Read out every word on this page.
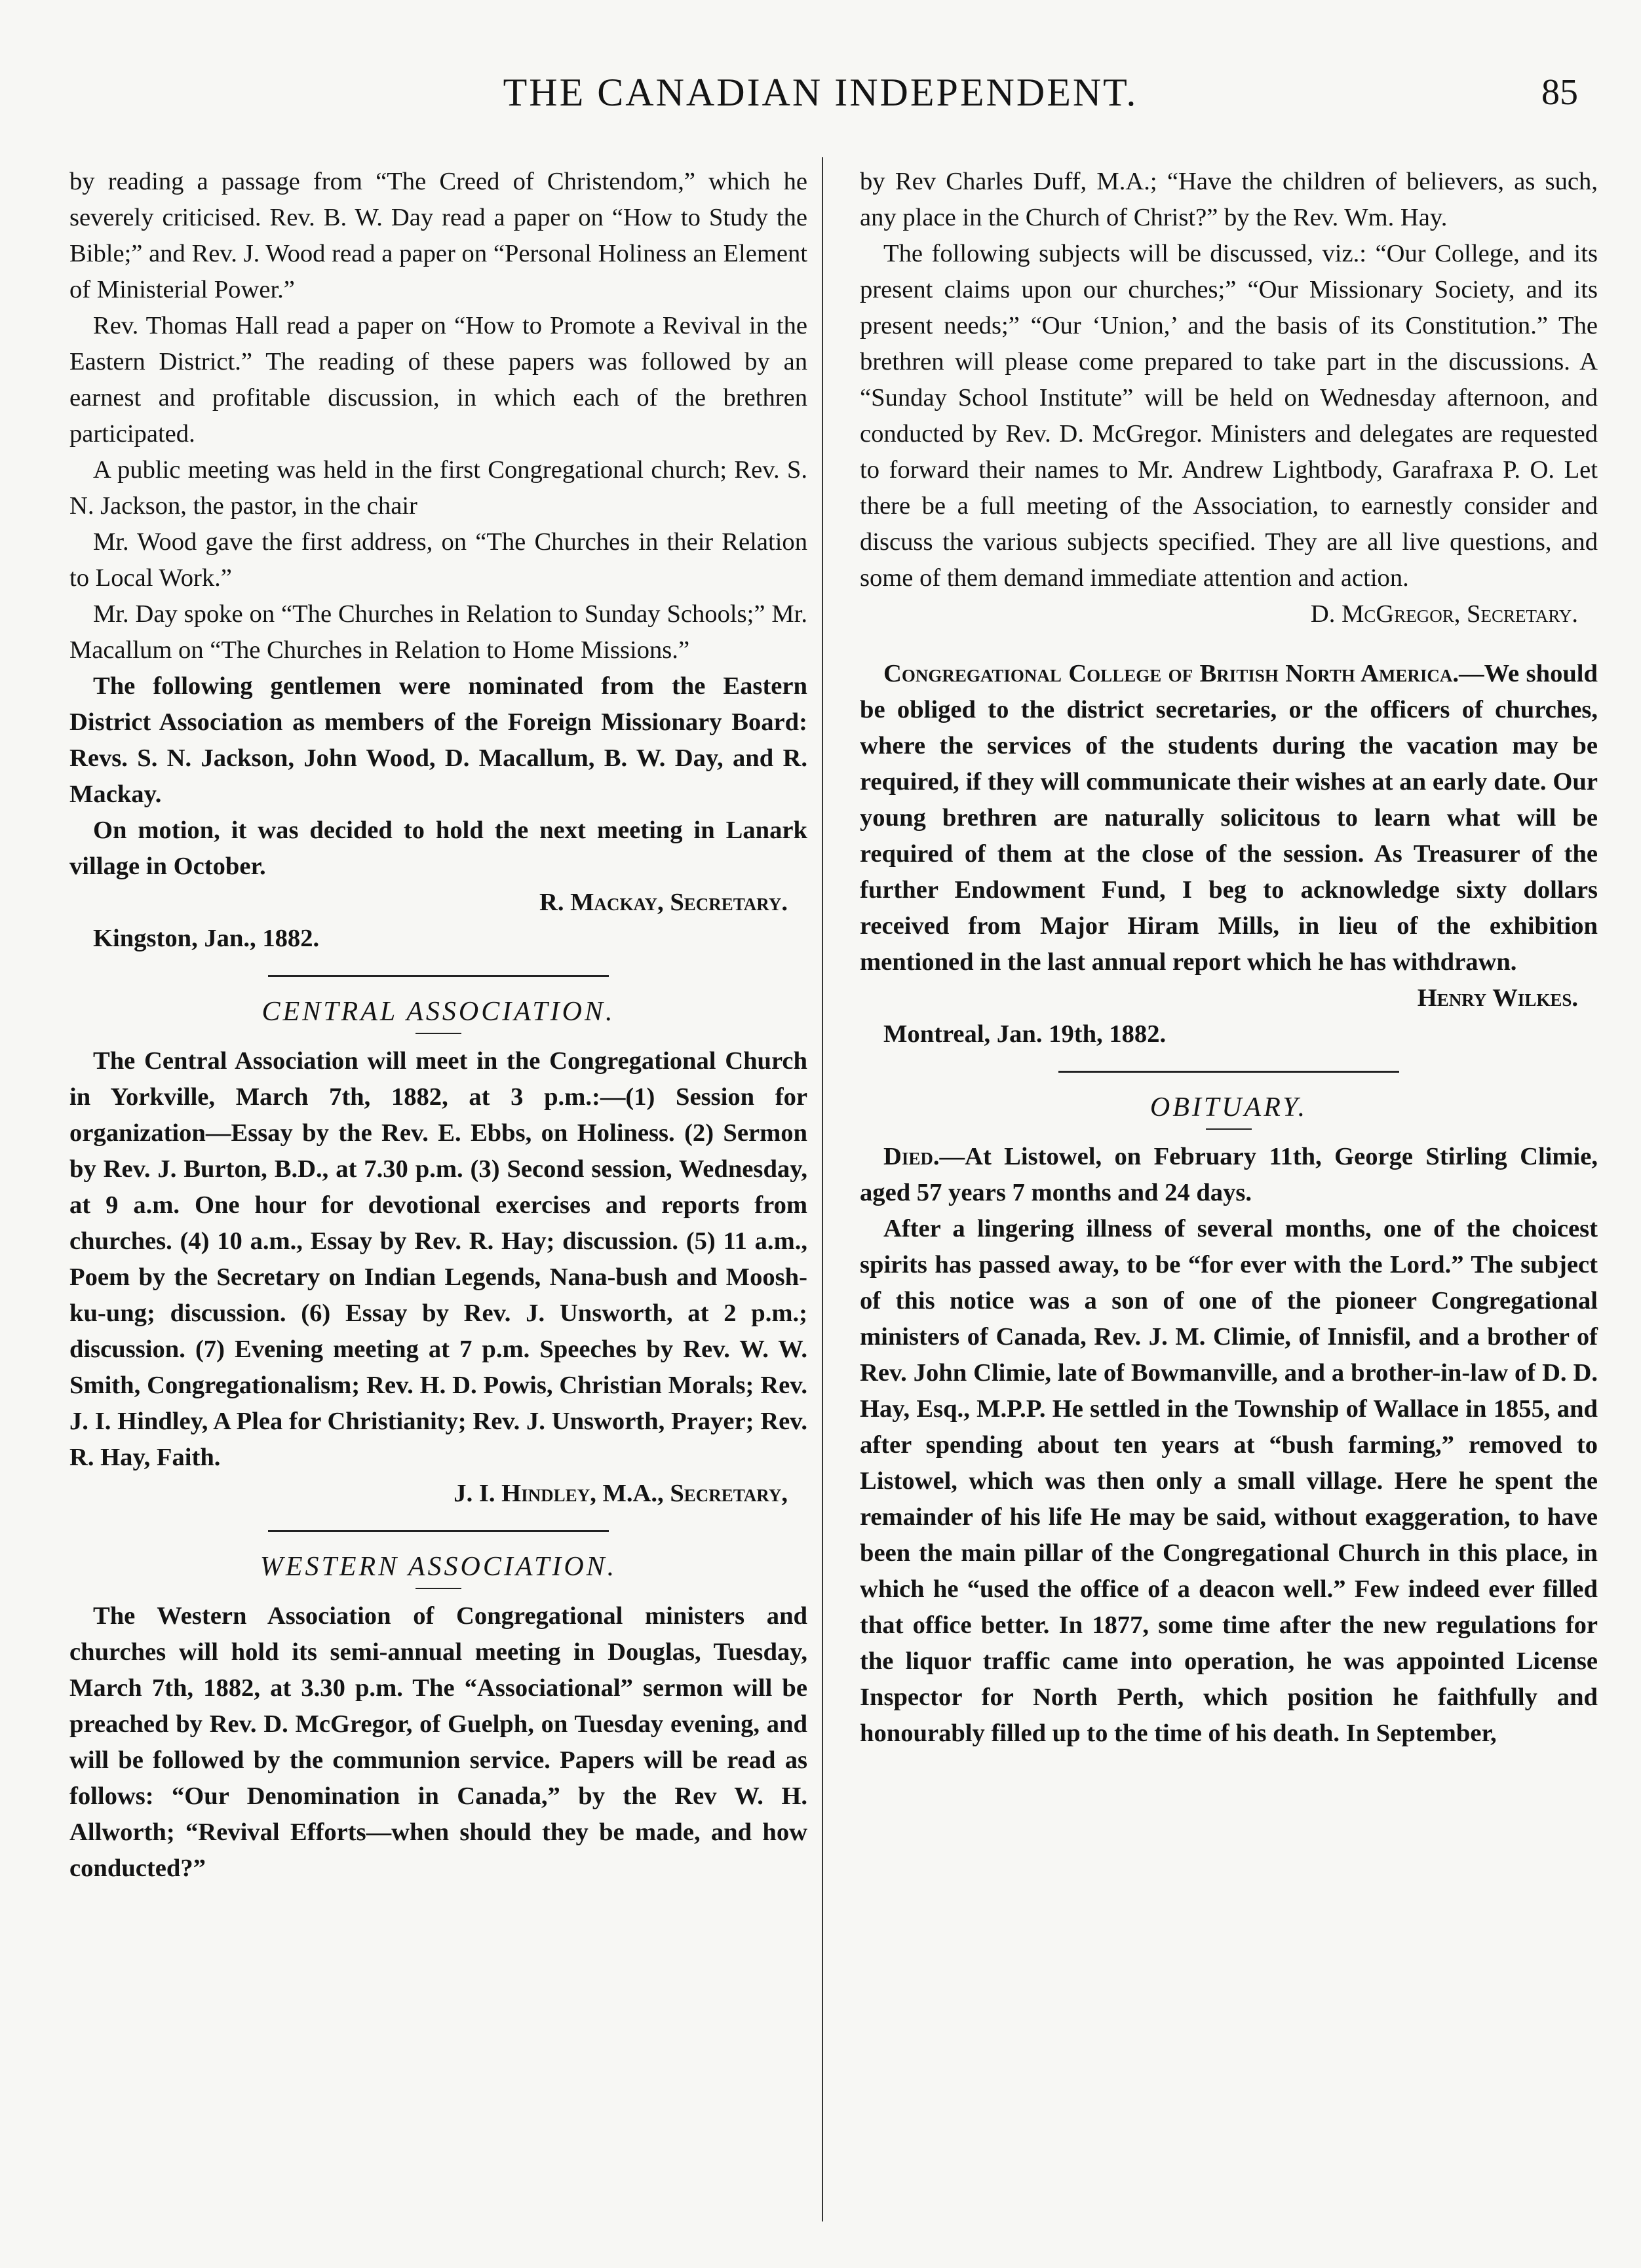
THE CANADIAN INDEPENDENT.	85

by reading a passage from “The Creed of Christendom,” which he severely criticised. Rev. B. W. Day read a paper on “How to Study the Bible;” and Rev. J. Wood read a paper on “Personal Holiness an Element of Ministerial Power.”

Rev. Thomas Hall read a paper on “How to Promote a Revival in the Eastern District.” The reading of these papers was followed by an earnest and profitable discussion, in which each of the brethren participated.

A public meeting was held in the first Congregational church; Rev. S. N. Jackson, the pastor, in the chair

Mr. Wood gave the first address, on “The Churches in their Relation to Local Work.”

Mr. Day spoke on “The Churches in Relation to Sunday Schools;” Mr. Macallum on “The Churches in Relation to Home Missions.”

The following gentlemen were nominated from the Eastern District Association as members of the Foreign Missionary Board: Revs. S. N. Jackson, John Wood, D. Macallum, B. W. Day, and R. Mackay.

On motion, it was decided to hold the next meeting in Lanark village in October.

R. Mackay, Secretary.

Kingston, Jan., 1882.

CENTRAL ASSOCIATION.

The Central Association will meet in the Congregational Church in Yorkville, March 7th, 1882, at 3 p.m.:—(1) Session for organization—Essay by the Rev. E. Ebbs, on Holiness. (2) Sermon by Rev. J. Burton, B.D., at 7.30 p.m. (3) Second session, Wednesday, at 9 a.m. One hour for devotional exercises and reports from churches. (4) 10 a.m., Essay by Rev. R. Hay; discussion. (5) 11 a.m., Poem by the Secretary on Indian Legends, Nana-bush and Moosh-ku-ung; discussion. (6) Essay by Rev. J. Unsworth, at 2 p.m.; discussion. (7) Evening meeting at 7 p.m. Speeches by Rev. W. W. Smith, Congregationalism; Rev. H. D. Powis, Christian Morals; Rev. J. I. Hindley, A Plea for Christianity; Rev. J. Unsworth, Prayer; Rev. R. Hay, Faith.

J. I. Hindley, M.A., Secretary,

WESTERN ASSOCIATION.

The Western Association of Congregational ministers and churches will hold its semi-annual meeting in Douglas, Tuesday, March 7th, 1882, at 3.30 p.m. The “Associational” sermon will be preached by Rev. D. McGregor, of Guelph, on Tuesday evening, and will be followed by the communion service. Papers will be read as follows: “Our Denomination in Canada,” by the Rev W. H. Allworth; “Revival Efforts—when should they be made, and how conducted?”

by Rev Charles Duff, M.A.; “Have the children of believers, as such, any place in the Church of Christ?” by the Rev. Wm. Hay.

The following subjects will be discussed, viz.: “Our College, and its present claims upon our churches;” “Our Missionary Society, and its present needs;” “Our ‘Union,’ and the basis of its Constitution.” The brethren will please come prepared to take part in the discussions. A “Sunday School Institute” will be held on Wednesday afternoon, and conducted by Rev. D. McGregor. Ministers and delegates are requested to forward their names to Mr. Andrew Lightbody, Garafraxa P. O. Let there be a full meeting of the Association, to earnestly consider and discuss the various subjects specified. They are all live questions, and some of them demand immediate attention and action.

D. McGregor, Secretary.

Congregational College of British North America.—We should be obliged to the district secretaries, or the officers of churches, where the services of the students during the vacation may be required, if they will communicate their wishes at an early date. Our young brethren are naturally solicitous to learn what will be required of them at the close of the session. As Treasurer of the further Endowment Fund, I beg to acknowledge sixty dollars received from Major Hiram Mills, in lieu of the exhibition mentioned in the last annual report which he has withdrawn.

Henry Wilkes.

Montreal, Jan. 19th, 1882.

OBITUARY.

Died.—At Listowel, on February 11th, George Stirling Climie, aged 57 years 7 months and 24 days.

After a lingering illness of several months, one of the choicest spirits has passed away, to be “for ever with the Lord.” The subject of this notice was a son of one of the pioneer Congregational ministers of Canada, Rev. J. M. Climie, of Innisfil, and a brother of Rev. John Climie, late of Bowmanville, and a brother-in-law of D. D. Hay, Esq., M.P.P. He settled in the Township of Wallace in 1855, and after spending about ten years at “bush farming,” removed to Listowel, which was then only a small village. Here he spent the remainder of his life He may be said, without exaggeration, to have been the main pillar of the Congregational Church in this place, in which he “used the office of a deacon well.” Few indeed ever filled that office better. In 1877, some time after the new regulations for the liquor traffic came into operation, he was appointed License Inspector for North Perth, which position he faithfully and honourably filled up to the time of his death. In September,
